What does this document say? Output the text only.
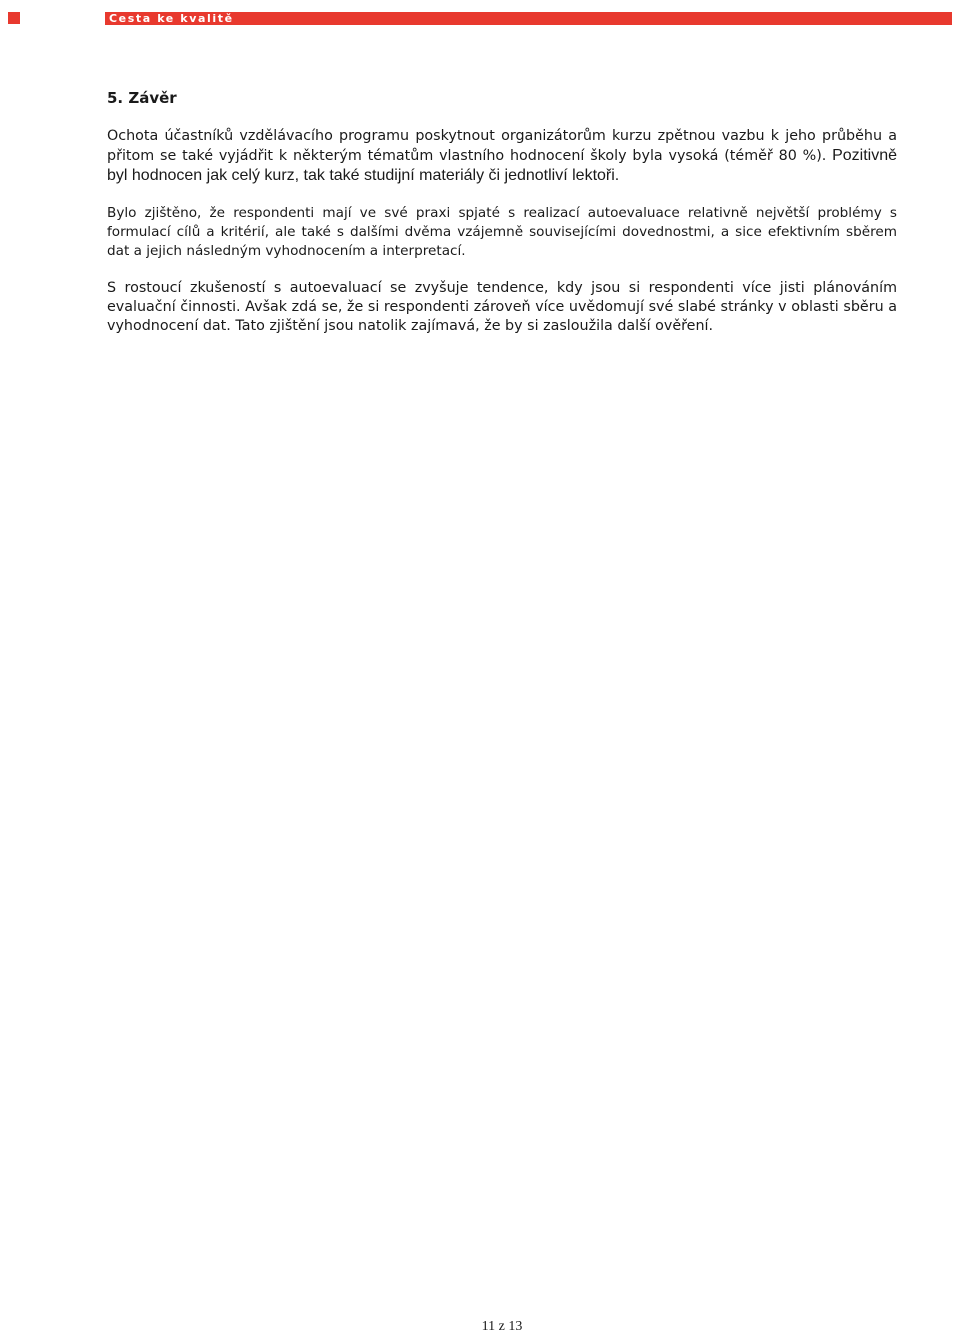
Cesta ke kvalitě
5. Závěr

Ochota účastníků vzdělávacího programu poskytnout organizátorům kurzu zpětnou vazbu k jeho průběhu a přitom se také vyjádřit k některým tématům vlastního hodnocení školy byla vysoká (téměř 80 %). Pozitivně byl hodnocen jak celý kurz, tak také studijní materiály či jednotliví lektoři.

Bylo zjištěno, že respondenti mají ve své praxi spjaté s realizací autoevaluace relativně největší problémy s formulací cílů a kritérií, ale také s dalšími dvěma vzájemně souvisejícími dovednostmi, a sice efektivním sběrem dat a jejich následným vyhodnocením a interpretací.

S rostoucí zkušeností s autoevaluací se zvyšuje tendence, kdy jsou si respondenti více jisti plánováním evaluační činnosti. Avšak zdá se, že si respondenti zároveň více uvědomují své slabé stránky v oblasti sběru a vyhodnocení dat. Tato zjištění jsou natolik zajímavá, že by si zasloužila další ověření.

11 z 13
